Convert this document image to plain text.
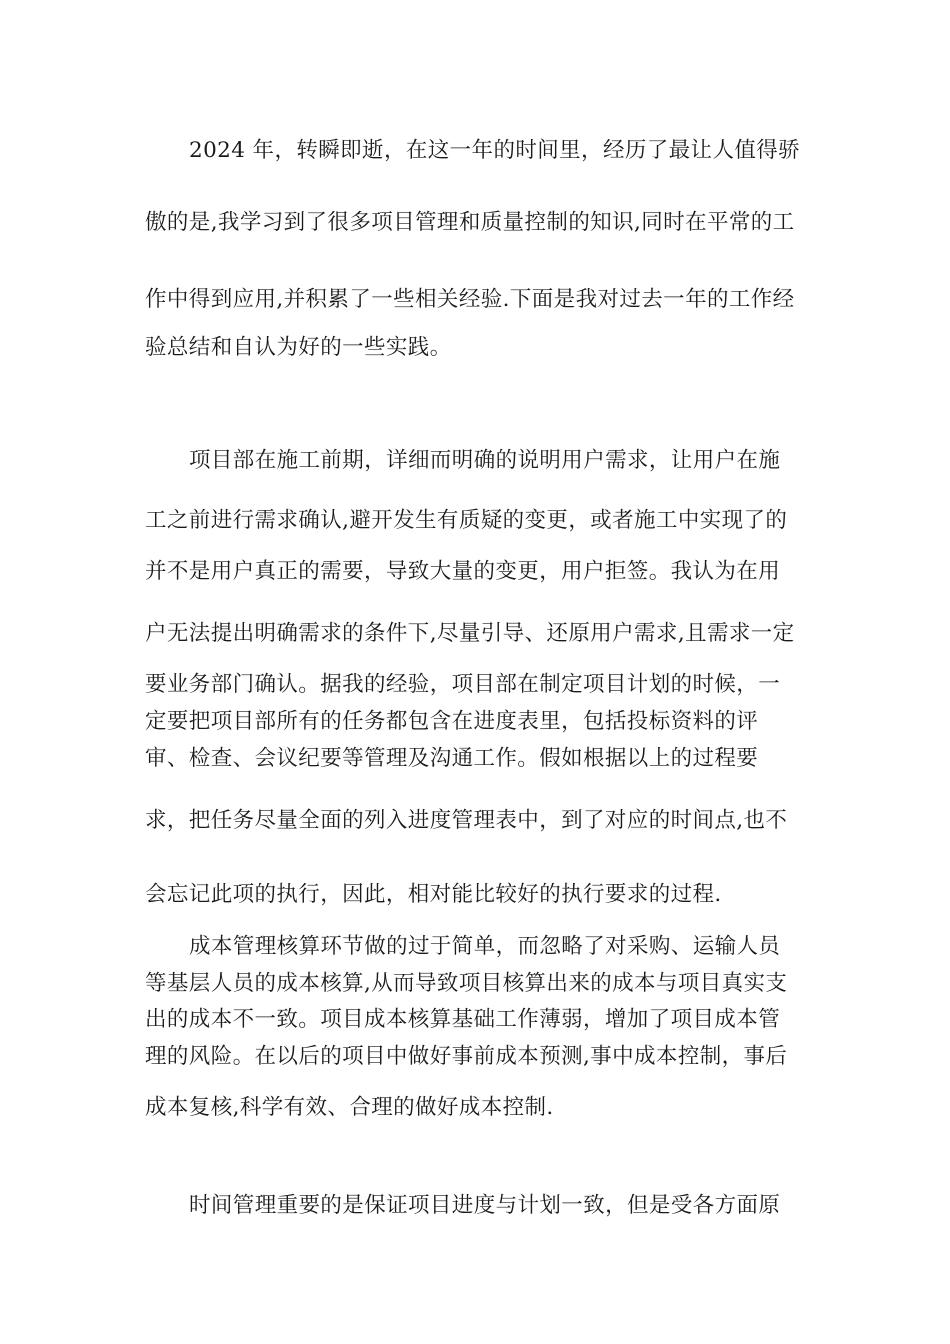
2024 年，转瞬即逝，在这一年的时间里，经历了最让人值得骄
傲的是,我学习到了很多项目管理和质量控制的知识,同时在平常的工
作中得到应用,并积累了一些相关经验.下面是我对过去一年的工作经
验总结和自认为好的一些实践。
项目部在施工前期，详细而明确的说明用户需求，让用户在施
工之前进行需求确认,避开发生有质疑的变更，或者施工中实现了的
并不是用户真正的需要，导致大量的变更，用户拒签。我认为在用
户无法提出明确需求的条件下,尽量引导、还原用户需求,且需求一定
要业务部门确认。据我的经验，项目部在制定项目计划的时候，一
定要把项目部所有的任务都包含在进度表里，包括投标资料的评
审、检查、会议纪要等管理及沟通工作。假如根据以上的过程要
求，把任务尽量全面的列入进度管理表中，到了对应的时间点,也不
会忘记此项的执行，因此，相对能比较好的执行要求的过程.
成本管理核算环节做的过于简单，而忽略了对采购、运输人员
等基层人员的成本核算,从而导致项目核算出来的成本与项目真实支
出的成本不一致。项目成本核算基础工作薄弱，增加了项目成本管
理的风险。在以后的项目中做好事前成本预测,事中成本控制，事后
成本复核,科学有效、合理的做好成本控制.
时间管理重要的是保证项目进度与计划一致，但是受各方面原
